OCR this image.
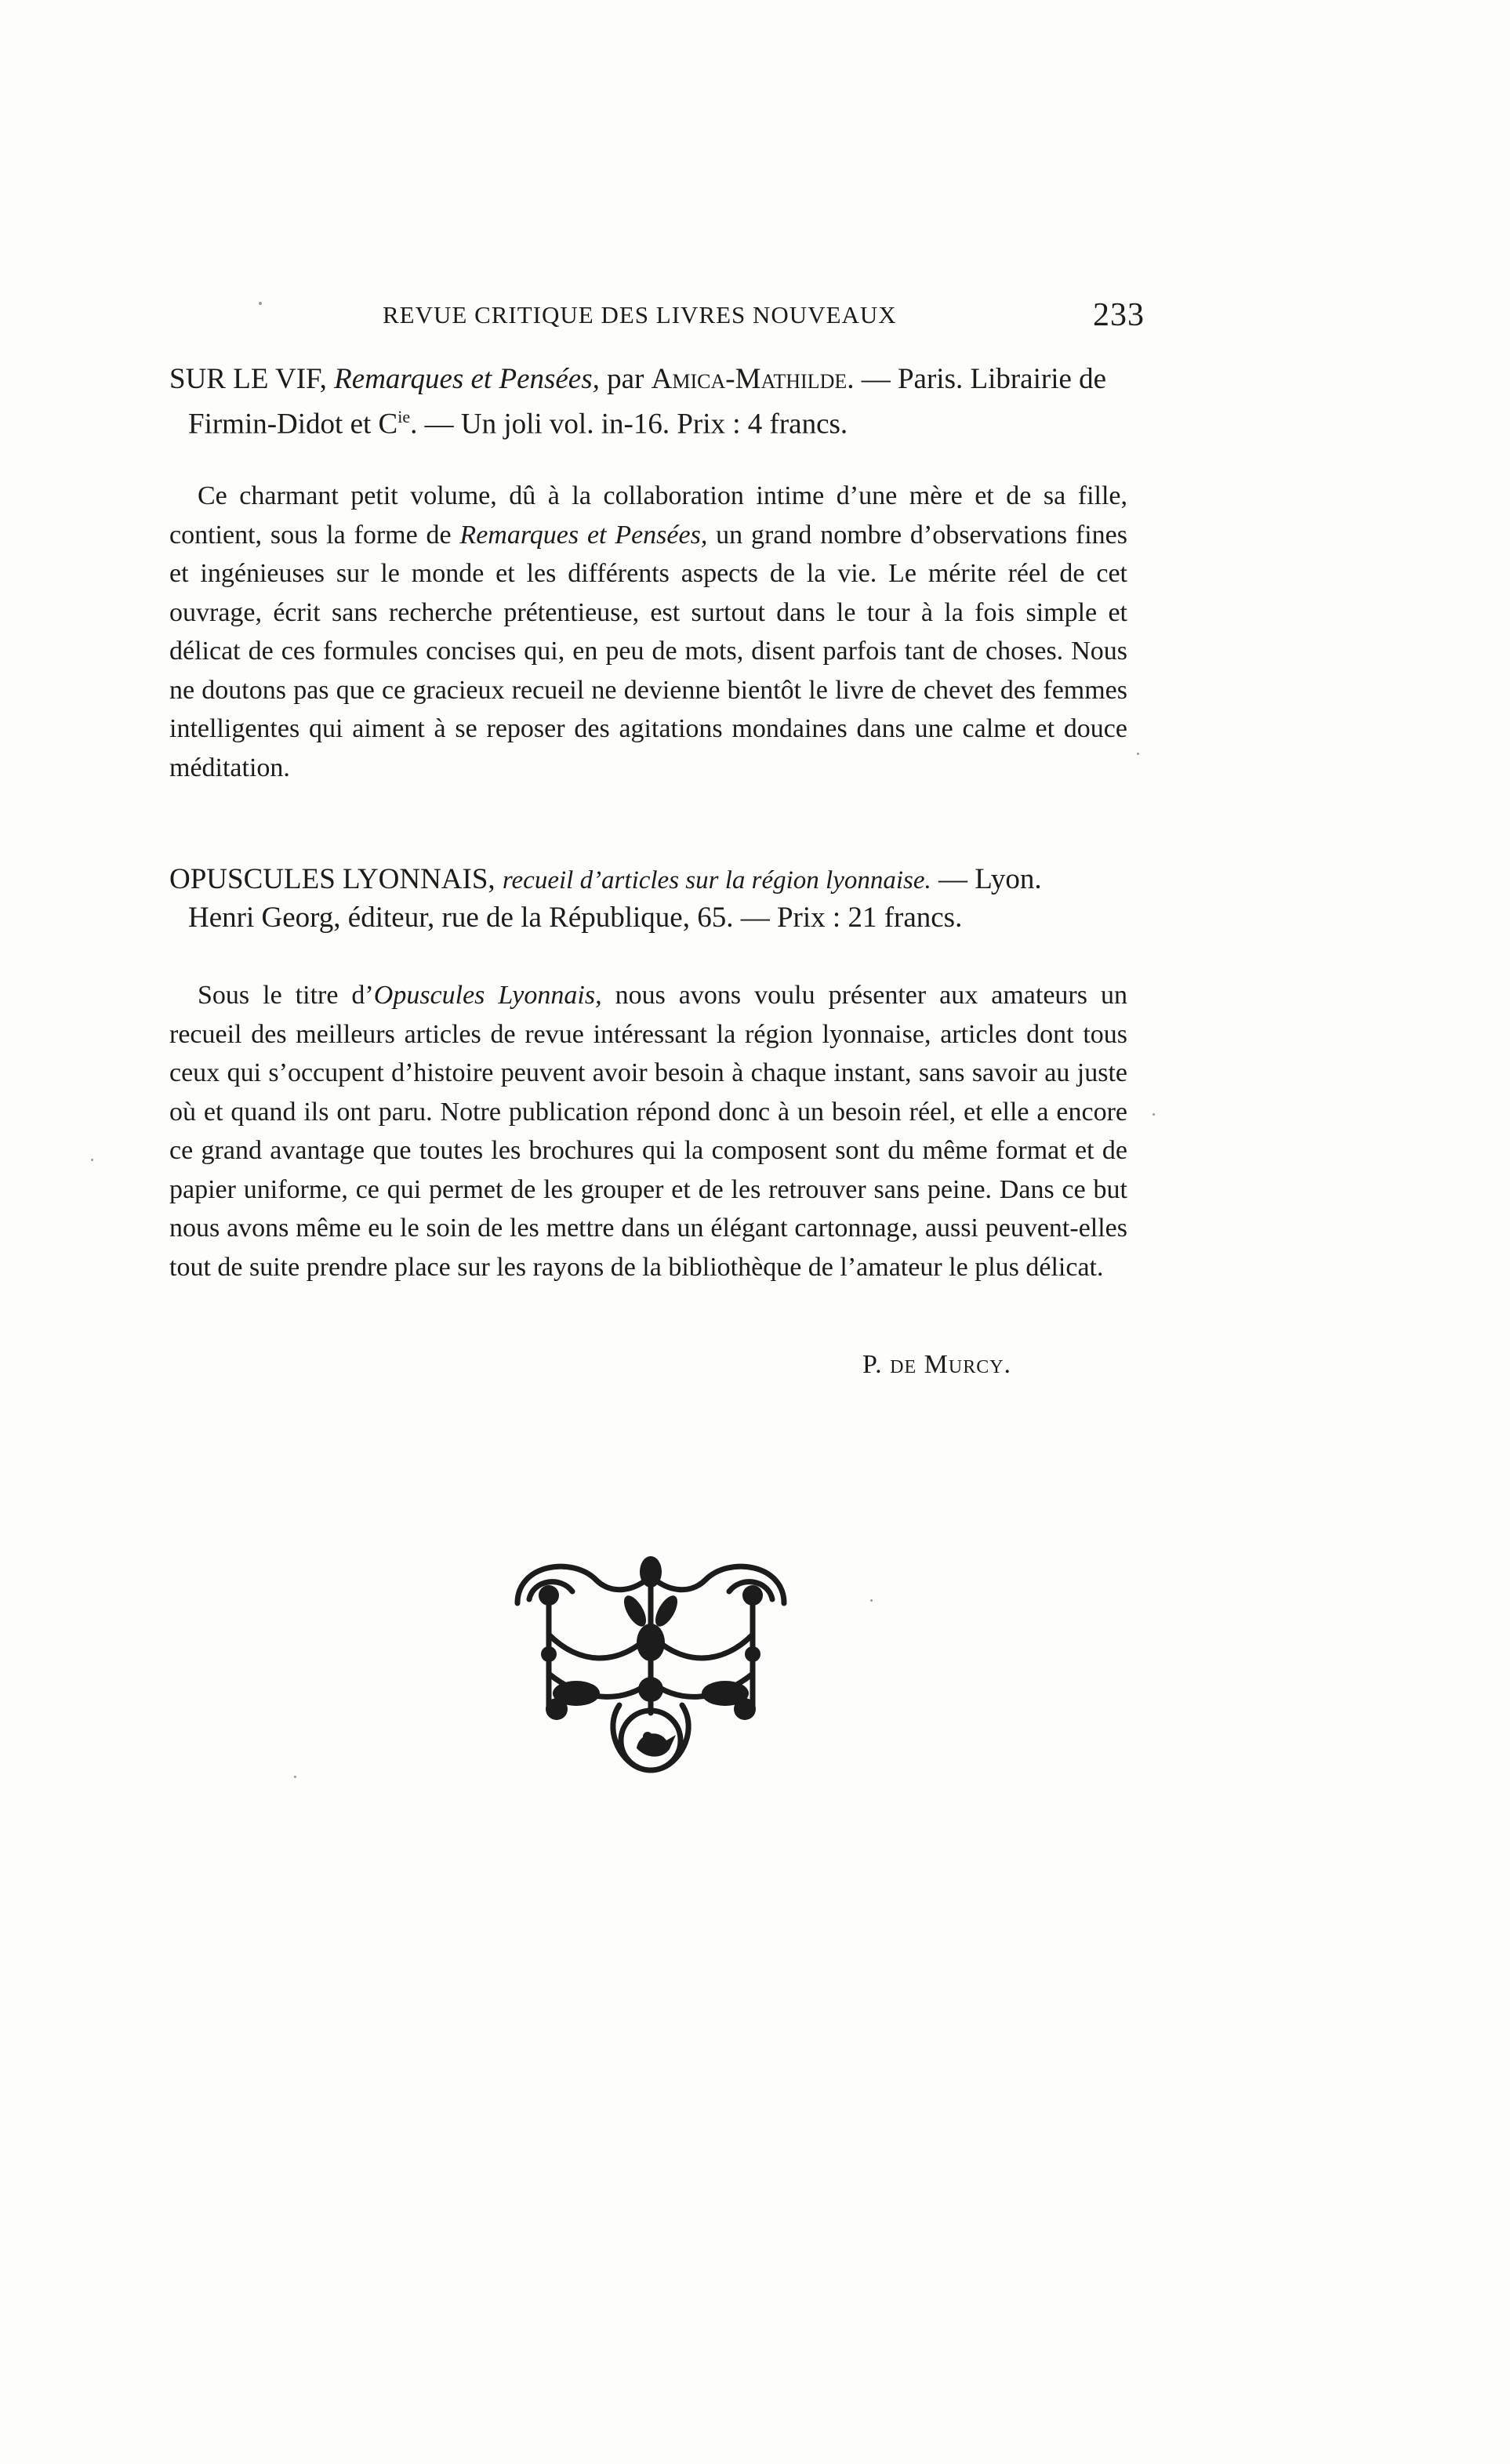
REVUE CRITIQUE DES LIVRES NOUVEAUX	233
SUR LE VIF, Remarques et Pensées, par Amica-Mathilde. — Paris. Librairie de
Firmin-Didot et $C^{ie}$. — Un joli vol. in-16. Prix : 4 francs.

Ce charmant petit volume, dû à la collaboration intime d’une mère et de sa fille, contient, sous la forme de Remarques et Pensées, un grand nombre d’observations fines et ingénieuses sur le monde et les différents aspects de la vie. Le mérite réel de cet ouvrage, écrit sans recherche prétentieuse, est surtout dans le tour à la fois simple et délicat de ces formules concises qui, en peu de mots, disent parfois tant de choses. Nous ne doutons pas que ce gracieux recueil ne devienne bientôt le livre de chevet des femmes intelligentes qui aiment à se reposer des agitations mondaines dans une calme et douce méditation.

OPUSCULES LYONNAIS, recueil d’articles sur la région lyonnaise. — Lyon.
Henri Georg, éditeur, rue de la République, 65. — Prix : 21 francs.

Sous le titre d’Opuscules Lyonnais, nous avons voulu présenter aux amateurs un recueil des meilleurs articles de revue intéressant la région lyonnaise, articles dont tous ceux qui s’occupent d’histoire peuvent avoir besoin à chaque instant, sans savoir au juste où et quand ils ont paru. Notre publication répond donc à un besoin réel, et elle a encore ce grand avantage que toutes les brochures qui la composent sont du même format et de papier uniforme, ce qui permet de les grouper et de les retrouver sans peine. Dans ce but nous avons même eu le soin de les mettre dans un élégant cartonnage, aussi peuvent-elles tout de suite prendre place sur les rayons de la bibliothèque de l’amateur le plus délicat.

P. de Murcy.
